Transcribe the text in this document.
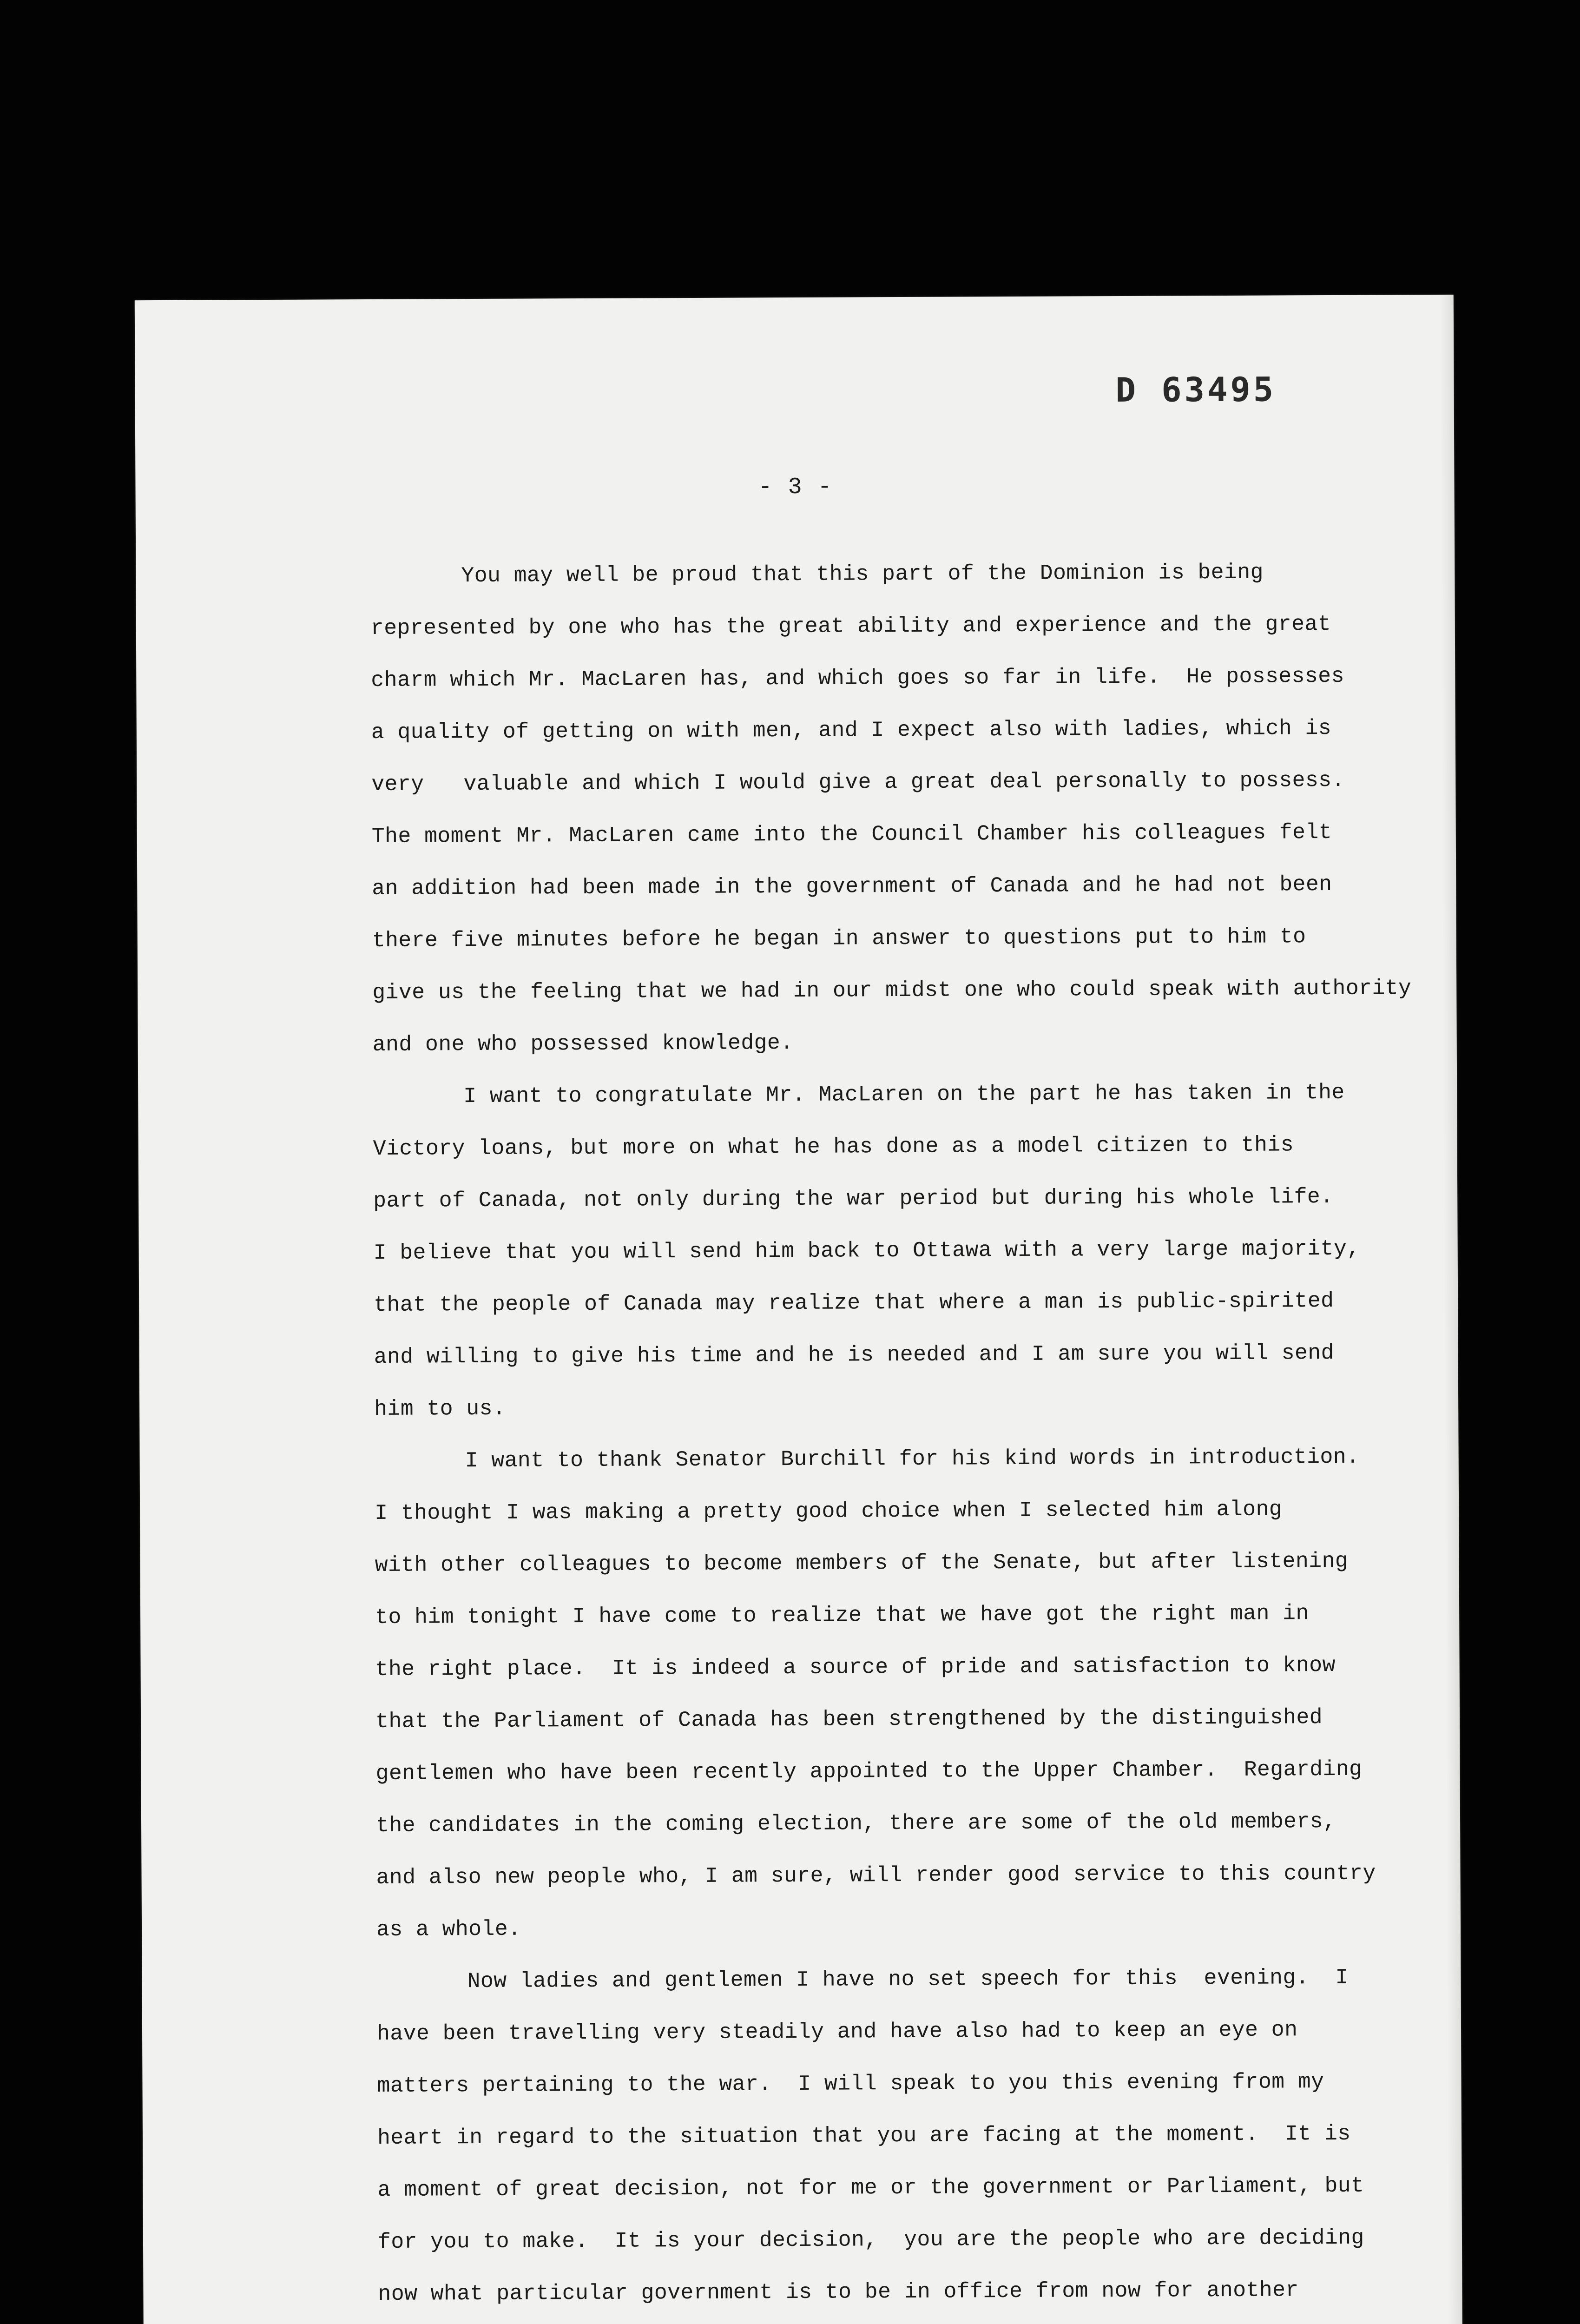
D 63495
- 3 -
You may well be proud that this part of the Dominion is being
represented by one who has the great ability and experience and the great
charm which Mr. MacLaren has, and which goes so far in life.  He possesses
a quality of getting on with men, and I expect also with ladies, which is
very   valuable and which I would give a great deal personally to possess.
The moment Mr. MacLaren came into the Council Chamber his colleagues felt
an addition had been made in the government of Canada and he had not been
there five minutes before he began in answer to questions put to him to
give us the feeling that we had in our midst one who could speak with authority
and one who possessed knowledge.
I want to congratulate Mr. MacLaren on the part he has taken in the
Victory loans, but more on what he has done as a model citizen to this
part of Canada, not only during the war period but during his whole life.
I believe that you will send him back to Ottawa with a very large majority,
that the people of Canada may realize that where a man is public-spirited
and willing to give his time and he is needed and I am sure you will send
him to us.
I want to thank Senator Burchill for his kind words in introduction.
I thought I was making a pretty good choice when I selected him along
with other colleagues to become members of the Senate, but after listening
to him tonight I have come to realize that we have got the right man in
the right place.  It is indeed a source of pride and satisfaction to know
that the Parliament of Canada has been strengthened by the distinguished
gentlemen who have been recently appointed to the Upper Chamber.  Regarding
the candidates in the coming election, there are some of the old members,
and also new people who, I am sure, will render good service to this country
as a whole.
Now ladies and gentlemen I have no set speech for this  evening.  I
have been travelling very steadily and have also had to keep an eye on
matters pertaining to the war.  I will speak to you this evening from my
heart in regard to the situation that you are facing at the moment.  It is
a moment of great decision, not for me or the government or Parliament, but
for you to make.  It is your decision,  you are the people who are deciding
now what particular government is to be in office from now for another
